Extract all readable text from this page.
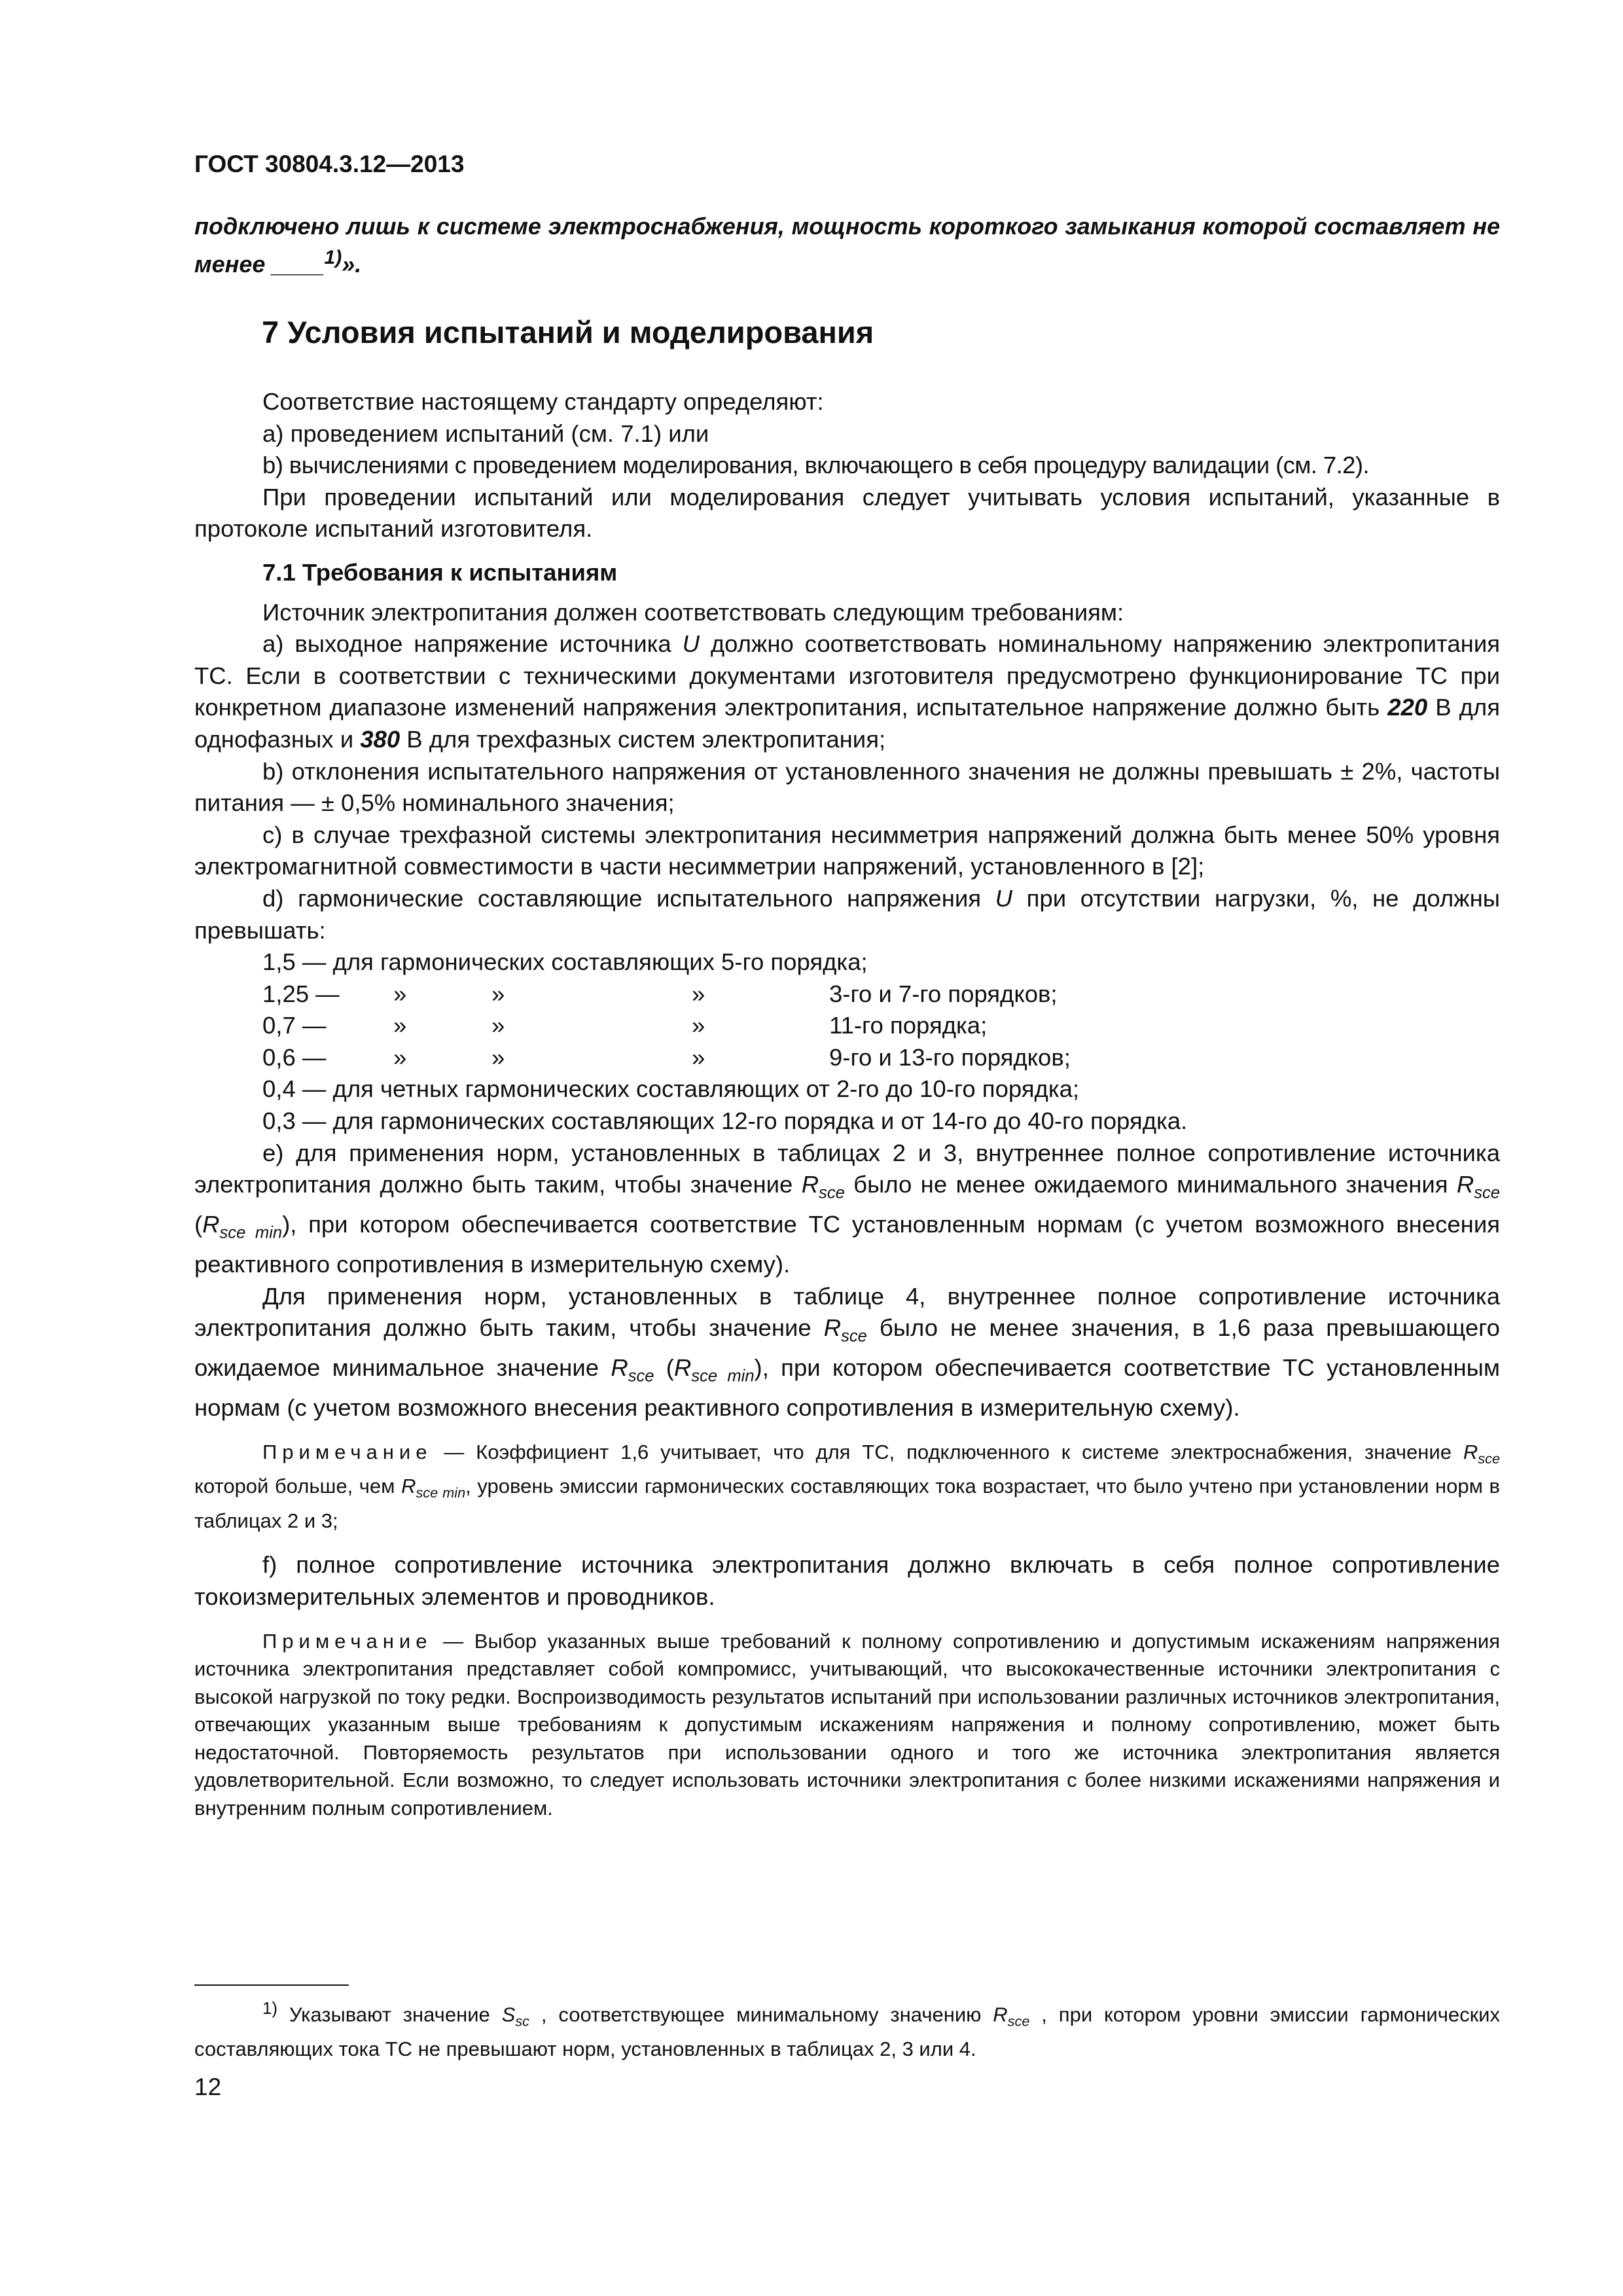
ГОСТ 30804.3.12—2013
подключено лишь к системе электроснабжения, мощность короткого замыкания которой составляет не менее ____$^{1)}$».
7 Условия испытаний и моделирования

Соответствие настоящему стандарту определяют:

a) проведением испытаний (см. 7.1) или

b) вычислениями с проведением моделирования, включающего в себя процедуру валидации (см. 7.2).

При проведении испытаний или моделирования следует учитывать условия испытаний, указанные в протоколе испытаний изготовителя.

7.1 Требования к испытаниям

Источник электропитания должен соответствовать следующим требованиям:

a) выходное напряжение источника U должно соответствовать номинальному напряжению электропитания ТС. Если в соответствии с техническими документами изготовителя предусмотрено функционирование ТС при конкретном диапазоне изменений напряжения электропитания, испытательное напряжение должно быть 220 В для однофазных и 380 В для трехфазных систем электропитания;

b) отклонения испытательного напряжения от установленного значения не должны превышать ± 2%, частоты питания — ± 0,5% номинального значения;

c) в случае трехфазной системы электропитания несимметрия напряжений должна быть менее 50% уровня электромагнитной совместимости в части несимметрии напряжений, установленного в [2];

d) гармонические составляющие испытательного напряжения U при отсутствии нагрузки, %, не должны превышать:

1,5 — для гармонических составляющих 5-го порядка;

1,25 —	»	»	»	3-го и 7-го порядков;
0,7 —	»	»	»	11-го порядка;
0,6 —	»	»	»	9-го и 13-го порядков;

0,4 — для четных гармонических составляющих от 2-го до 10-го порядка;

0,3 — для гармонических составляющих 12-го порядка и от 14-го до 40-го порядка.

e) для применения норм, установленных в таблицах 2 и 3, внутреннее полное сопротивление источника электропитания должно быть таким, чтобы значение $R_{sce}$ было не менее ожидаемого минимального значения $R_{sce}$ $(R_{sce min})$, при котором обеспечивается соответствие ТС установленным нормам (с учетом возможного внесения реактивного сопротивления в измерительную схему).

Для применения норм, установленных в таблице 4, внутреннее полное сопротивление источника электропитания должно быть таким, чтобы значение $R_{sce}$ было не менее значения, в 1,6 раза превышающего ожидаемое минимальное значение $R_{sce}$ $(R_{sce min})$, при котором обеспечивается соответствие ТС установленным нормам (с учетом возможного внесения реактивного сопротивления в измерительную схему).

Примечание — Коэффициент 1,6 учитывает, что для ТС, подключенного к системе электроснабжения, значение $R_{sce}$ которой больше, чем $R_{sce min}$, уровень эмиссии гармонических составляющих тока возрастает, что было учтено при установлении норм в таблицах 2 и 3;

f) полное сопротивление источника электропитания должно включать в себя полное сопротивление токоизмерительных элементов и проводников.

Примечание — Выбор указанных выше требований к полному сопротивлению и допустимым искажениям напряжения источника электропитания представляет собой компромисс, учитывающий, что высококачественные источники электропитания с высокой нагрузкой по току редки. Воспроизводимость результатов испытаний при использовании различных источников электропитания, отвечающих указанным выше требованиям к допустимым искажениям напряжения и полному сопротивлению, может быть недостаточной. Повторяемость результатов при использовании одного и того же источника электропитания является удовлетворительной. Если возможно, то следует использовать источники электропитания с более низкими искажениями напряжения и внутренним полным сопротивлением.

$^{1)}$ Указывают значение $S_{sc}$ , соответствующее минимальному значению $R_{sce}$ , при котором уровни эмиссии гармонических составляющих тока ТС не превышают норм, установленных в таблицах 2, 3 или 4.
12
